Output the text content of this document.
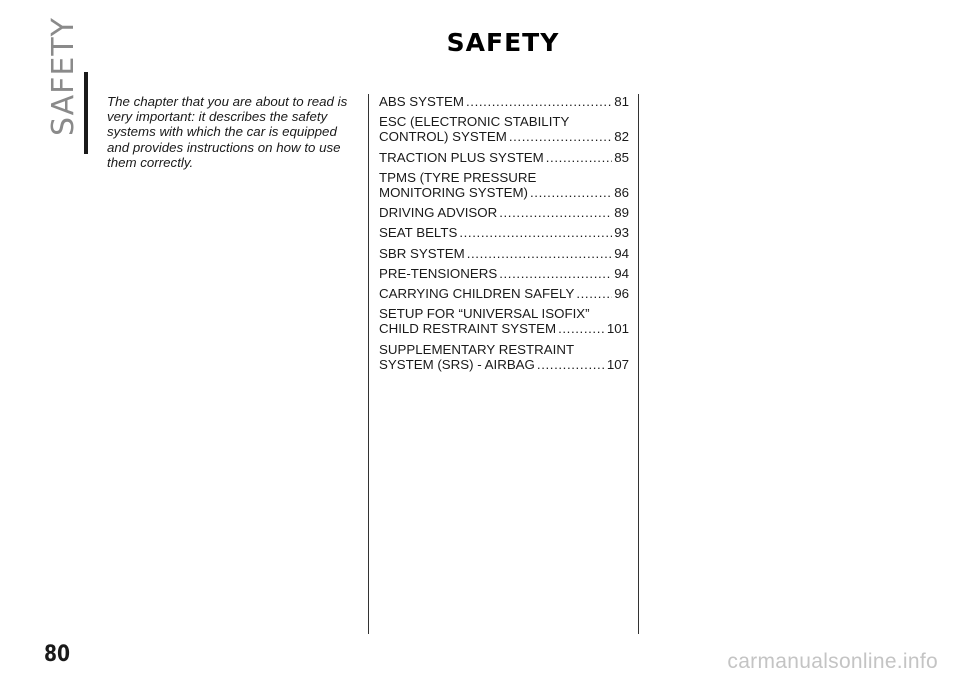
SAFETY	SAFETY
The chapter that you are about to read is very important: it describes the safety systems with which the car is equipped and provides instructions on how to use them correctly.
ABS SYSTEM .....	81
ESC (ELECTRONIC STABILITY
CONTROL) SYSTEM .....	82
TRACTION PLUS SYSTEM .....	85
TPMS (TYRE PRESSURE
MONITORING SYSTEM) .....	86
DRIVING ADVISOR .....	89
SEAT BELTS .....	93
SBR SYSTEM .....	94
PRE-TENSIONERS .....	94
CARRYING CHILDREN SAFELY .....	96
SETUP FOR “UNIVERSAL ISOFIX”
CHILD RESTRAINT SYSTEM .....	101
SUPPLEMENTARY RESTRAINT
SYSTEM (SRS) - AIRBAG .....	107
80	carmanualsonline.info
